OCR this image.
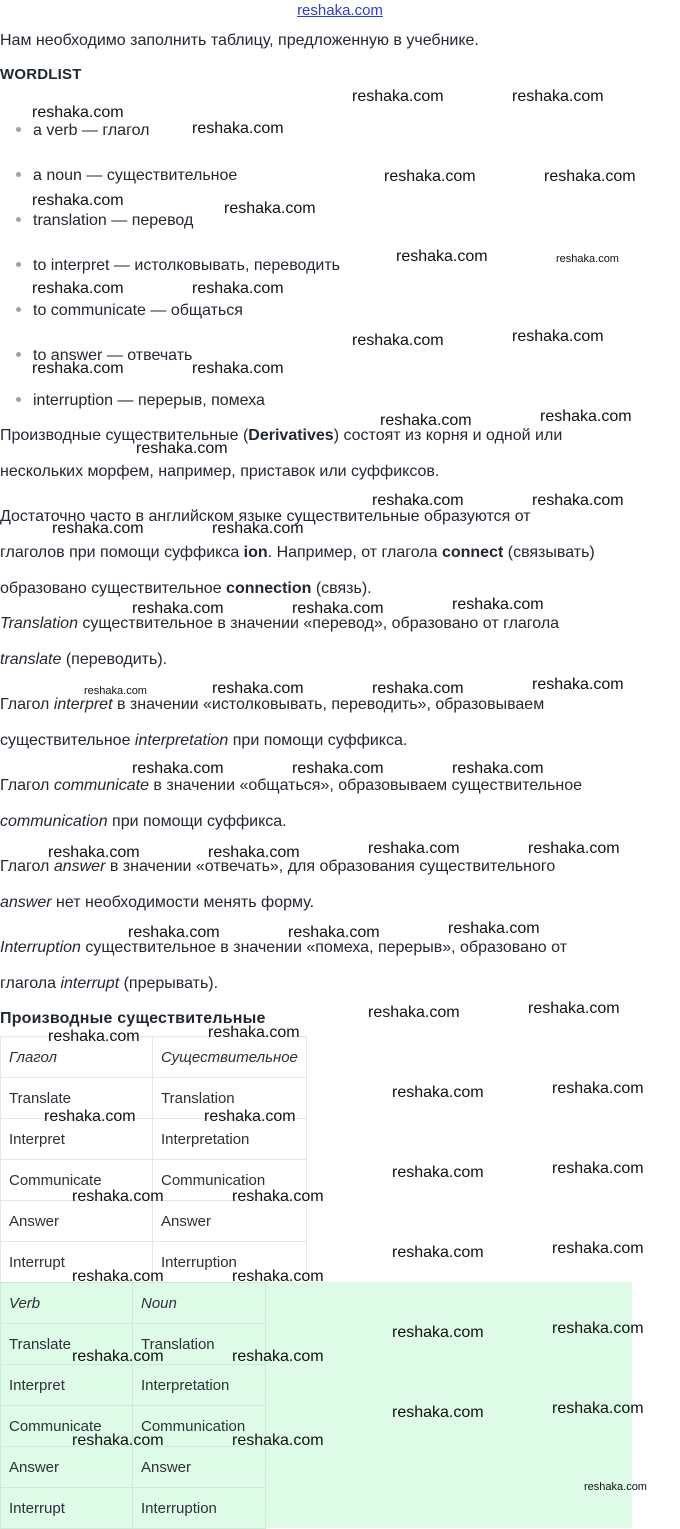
reshaka.com
Нам необходимо заполнить таблицу, предложенную в учебнике.
WORDLIST
a verb — глагол
a noun — существительное
translation — перевод
to interpret — истолковывать, переводить
to communicate — общаться
to answer — отвечать
interruption — перерыв, помеха
Производные существительные (Derivatives) состоят из корня и одной или
нескольких морфем, например, приставок или суффиксов.
Достаточно часто в английском языке существительные образуются от
глаголов при помощи суффикса ion. Например, от глагола connect (связывать)
образовано существительное connection (связь).
Translation существительное в значении «перевод», образовано от глагола
translate (переводить).
Глагол interpret в значении «истолковывать, переводить», образовываем
существительное interpretation при помощи суффикса.
Глагол communicate в значении «общаться», образовываем существительное
communication при помощи суффикса.
Глагол answer в значении «отвечать», для образования существительного
answer нет необходимости менять форму.
Interruption существительное в значении «помеха, перерыв», образовано от
глагола interrupt (прерывать).
Производные существительные
Глагол	Существительное
Translate	Translation
Interpret	Interpretation
Communicate	Communication
Answer	Answer
Interrupt	Interruption
Verb	Noun
Translate	Translation
Interpret	Interpretation
Communicate	Communication
Answer	Answer
Interrupt	Interruption
reshaka.com
reshaka.com	reshaka.com
reshaka.com
reshaka.com	reshaka.com
reshaka.com	reshaka.com
reshaka.com	reshaka.com
reshaka.com	reshaka.com
reshaka.com	reshaka.com
reshaka.com	reshaka.com
reshaka.com	reshaka.com
reshaka.com
reshaka.com	reshaka.com
reshaka.com	reshaka.com
reshaka.com	reshaka.com	reshaka.com
reshaka.com	reshaka.com	reshaka.com	reshaka.com
reshaka.com	reshaka.com	reshaka.com
reshaka.com	reshaka.com	reshaka.com	reshaka.com
reshaka.com	reshaka.com	reshaka.com
reshaka.com	reshaka.com
reshaka.com	reshaka.com
reshaka.com	reshaka.com
reshaka.com	reshaka.com
reshaka.com	reshaka.com
reshaka.com	reshaka.com
reshaka.com	reshaka.com
reshaka.com	reshaka.com
reshaka.com	reshaka.com
reshaka.com	reshaka.com
reshaka.com	reshaka.com
reshaka.com	reshaka.com
reshaka.com
